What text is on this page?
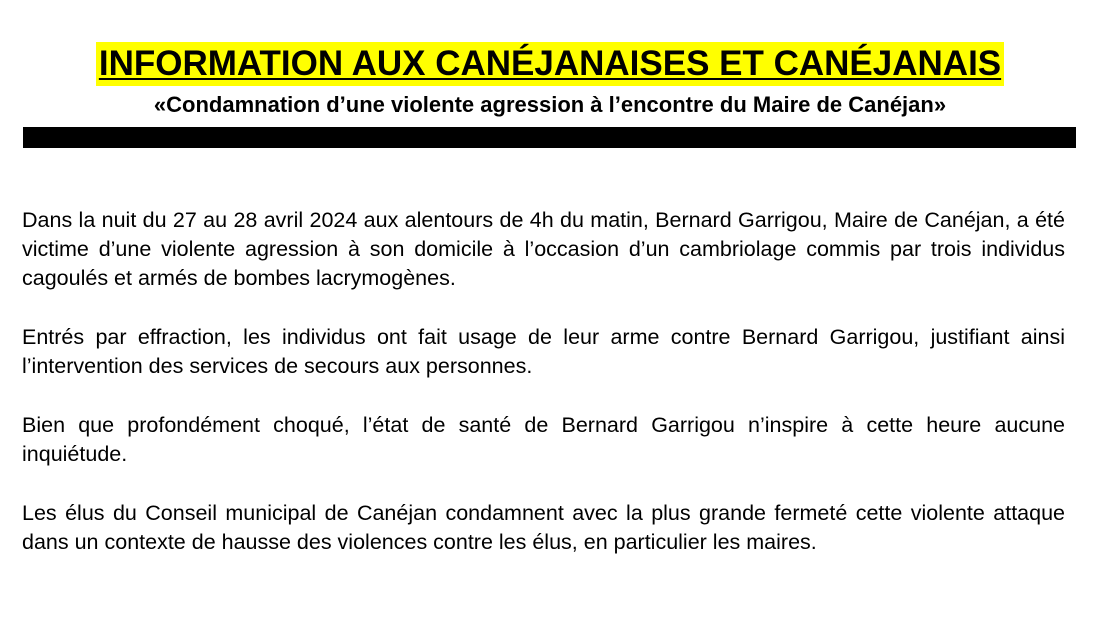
INFORMATION AUX CANÉJANAISES ET CANÉJANAIS
«Condamnation d’une violente agression à l’encontre du Maire de Canéjan»

Dans la nuit du 27 au 28 avril 2024 aux alentours de 4h du matin, Bernard Garrigou, Maire de Canéjan, a été victime d’une violente agression à son domicile à l’occasion d’un cambriolage commis par trois individus cagoulés et armés de bombes lacrymogènes.

Entrés par effraction, les individus ont fait usage de leur arme contre Bernard Garrigou, justifiant ainsi l’intervention des services de secours aux personnes.

Bien que profondément choqué, l’état de santé de Bernard Garrigou n’inspire à cette heure aucune inquiétude.

Les élus du Conseil municipal de Canéjan condamnent avec la plus grande fermeté cette violente attaque dans un contexte de hausse des violences contre les élus, en particulier les maires.
